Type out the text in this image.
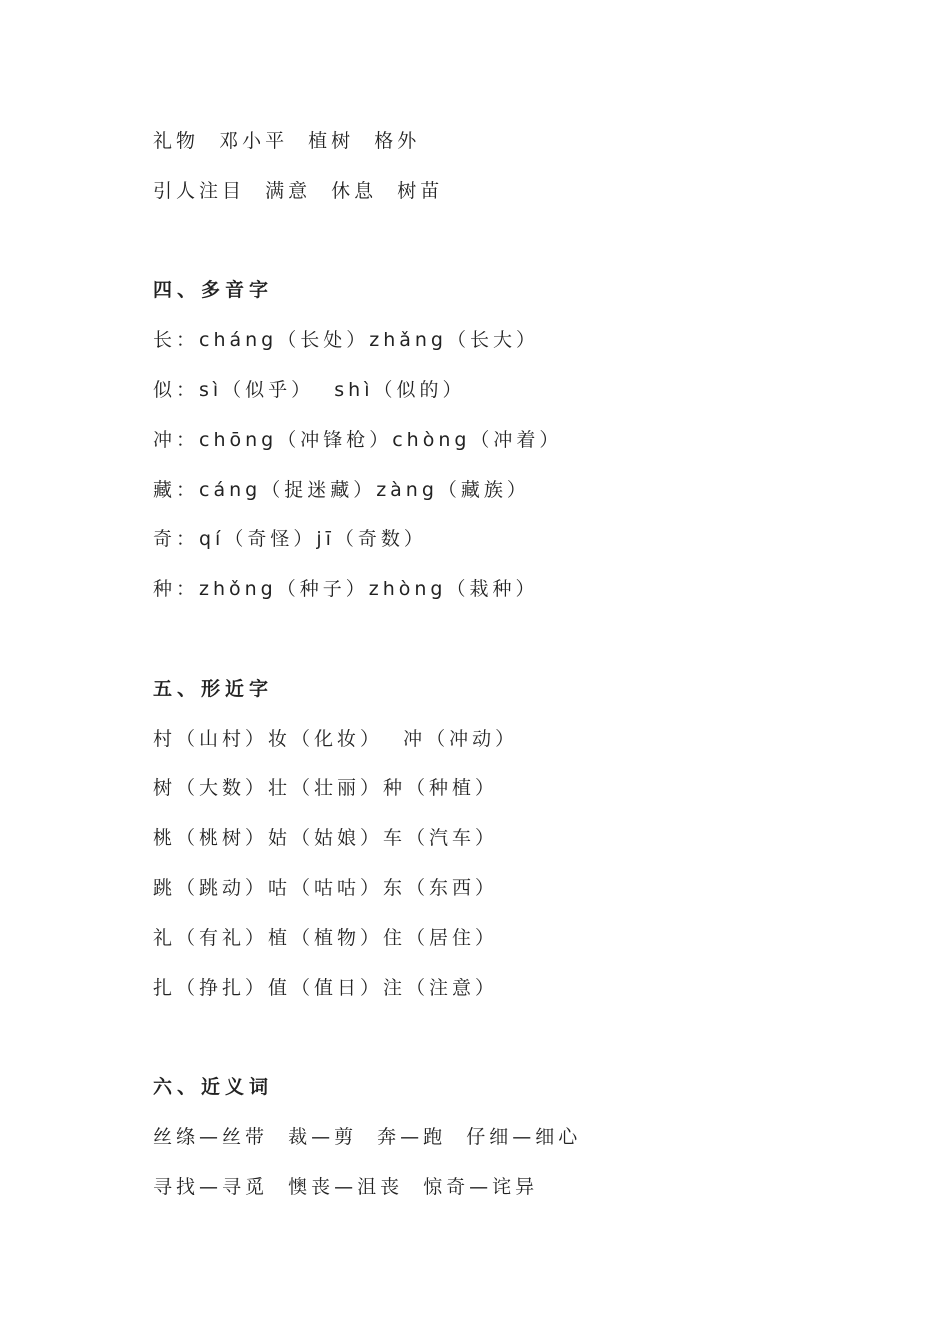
礼物  邓小平  植树  格外
引人注目  满意  休息  树苗
四、多音字
长：cháng（长处）zhǎng（长大）
似：sì（似乎）  shì（似的）
冲：chōng（冲锋枪）chòng（冲着）
藏：cáng（捉迷藏）zàng（藏族）
奇：qí（奇怪）jī（奇数）
种：zhǒng（种子）zhòng（栽种）
五、形近字
村（山村）妆（化妆）  冲（冲动）
树（大数）壮（壮丽）种（种植）
桃（桃树）姑（姑娘）车（汽车）
跳（跳动）咕（咕咕）东（东西）
礼（有礼）植（植物）住（居住）
扎（挣扎）值（值日）注（注意）
六、近义词
丝绦—丝带  裁—剪  奔—跑  仔细—细心
寻找—寻觅  懊丧—沮丧  惊奇—诧异
